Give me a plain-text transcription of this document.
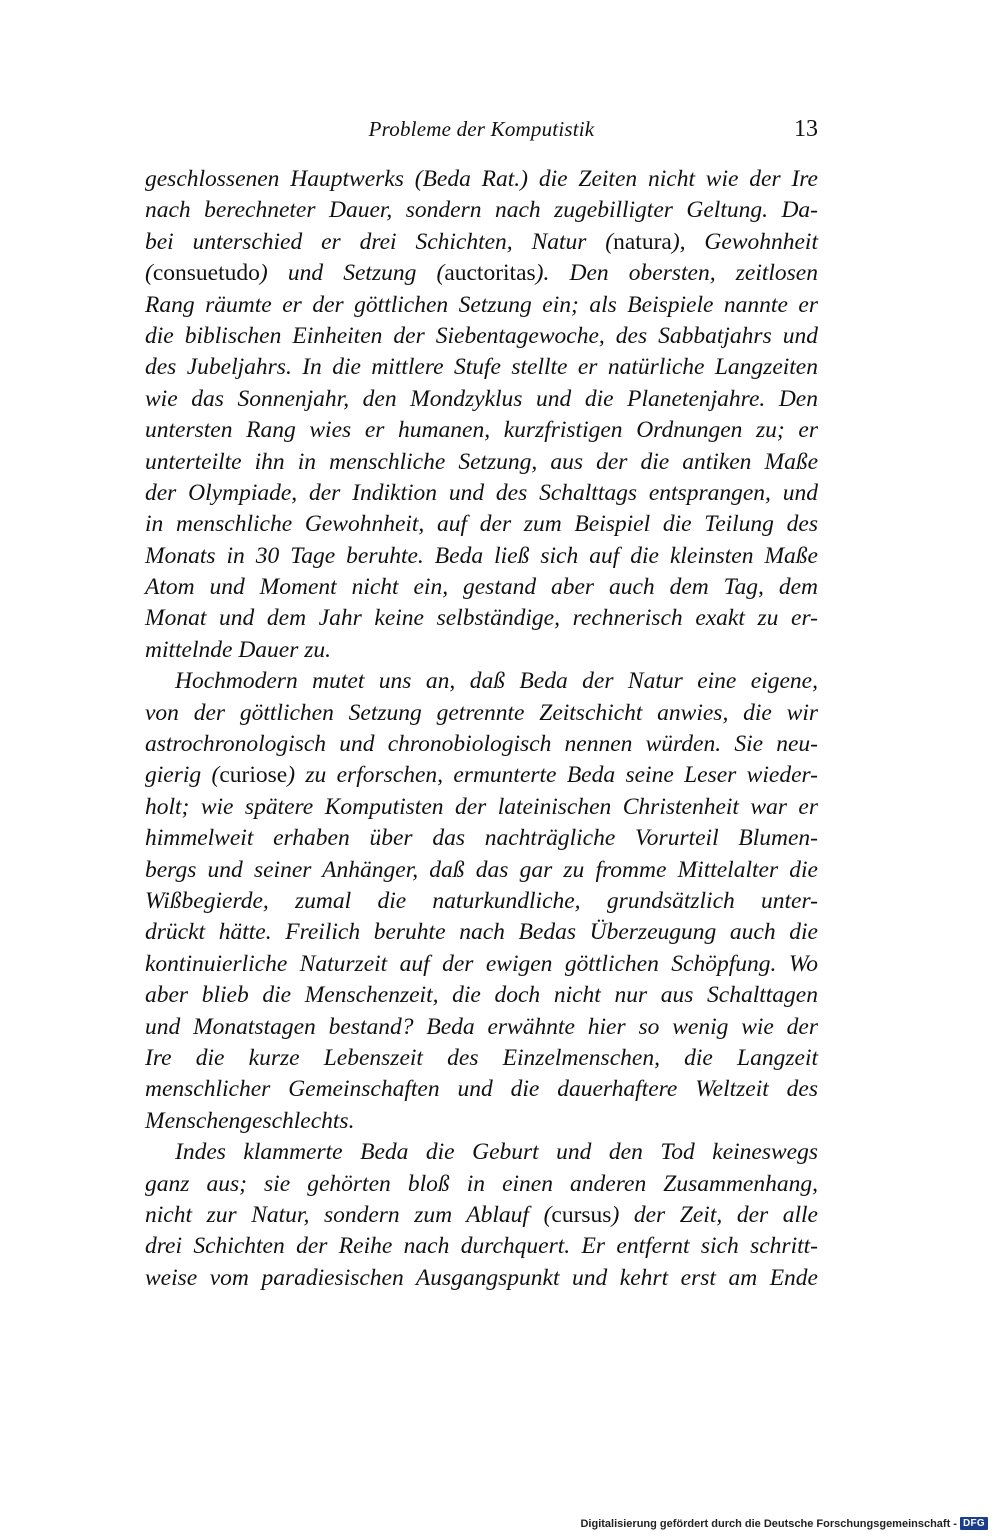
Probleme der Komputistik	13
geschlossenen Hauptwerks (Beda Rat.) die Zeiten nicht wie der Ire
nach berechneter Dauer, sondern nach zugebilligter Geltung. Da-
bei unterschied er drei Schichten, Natur (natura), Gewohnheit
(consuetudo) und Setzung (auctoritas). Den obersten, zeitlosen
Rang räumte er der göttlichen Setzung ein; als Beispiele nannte er
die biblischen Einheiten der Siebentagewoche, des Sabbatjahrs und
des Jubeljahrs. In die mittlere Stufe stellte er natürliche Langzeiten
wie das Sonnenjahr, den Mondzyklus und die Planetenjahre. Den
untersten Rang wies er humanen, kurzfristigen Ordnungen zu; er
unterteilte ihn in menschliche Setzung, aus der die antiken Maße
der Olympiade, der Indiktion und des Schalttags entsprangen, und
in menschliche Gewohnheit, auf der zum Beispiel die Teilung des
Monats in 30 Tage beruhte. Beda ließ sich auf die kleinsten Maße
Atom und Moment nicht ein, gestand aber auch dem Tag, dem
Monat und dem Jahr keine selbständige, rechnerisch exakt zu er-
mittelnde Dauer zu.
Hochmodern mutet uns an, daß Beda der Natur eine eigene,
von der göttlichen Setzung getrennte Zeitschicht anwies, die wir
astrochronologisch und chronobiologisch nennen würden. Sie neu-
gierig (curiose) zu erforschen, ermunterte Beda seine Leser wieder-
holt; wie spätere Komputisten der lateinischen Christenheit war er
himmelweit erhaben über das nachträgliche Vorurteil Blumen-
bergs und seiner Anhänger, daß das gar zu fromme Mittelalter die
Wißbegierde, zumal die naturkundliche, grundsätzlich unter-
drückt hätte. Freilich beruhte nach Bedas Überzeugung auch die
kontinuierliche Naturzeit auf der ewigen göttlichen Schöpfung. Wo
aber blieb die Menschenzeit, die doch nicht nur aus Schalttagen
und Monatstagen bestand? Beda erwähnte hier so wenig wie der
Ire die kurze Lebenszeit des Einzelmenschen, die Langzeit
menschlicher Gemeinschaften und die dauerhaftere Weltzeit des
Menschengeschlechts.
Indes klammerte Beda die Geburt und den Tod keineswegs
ganz aus; sie gehörten bloß in einen anderen Zusammenhang,
nicht zur Natur, sondern zum Ablauf (cursus) der Zeit, der alle
drei Schichten der Reihe nach durchquert. Er entfernt sich schritt-
weise vom paradiesischen Ausgangspunkt und kehrt erst am Ende
Digitalisierung gefördert durch die Deutsche Forschungsgemeinschaft - DFG
